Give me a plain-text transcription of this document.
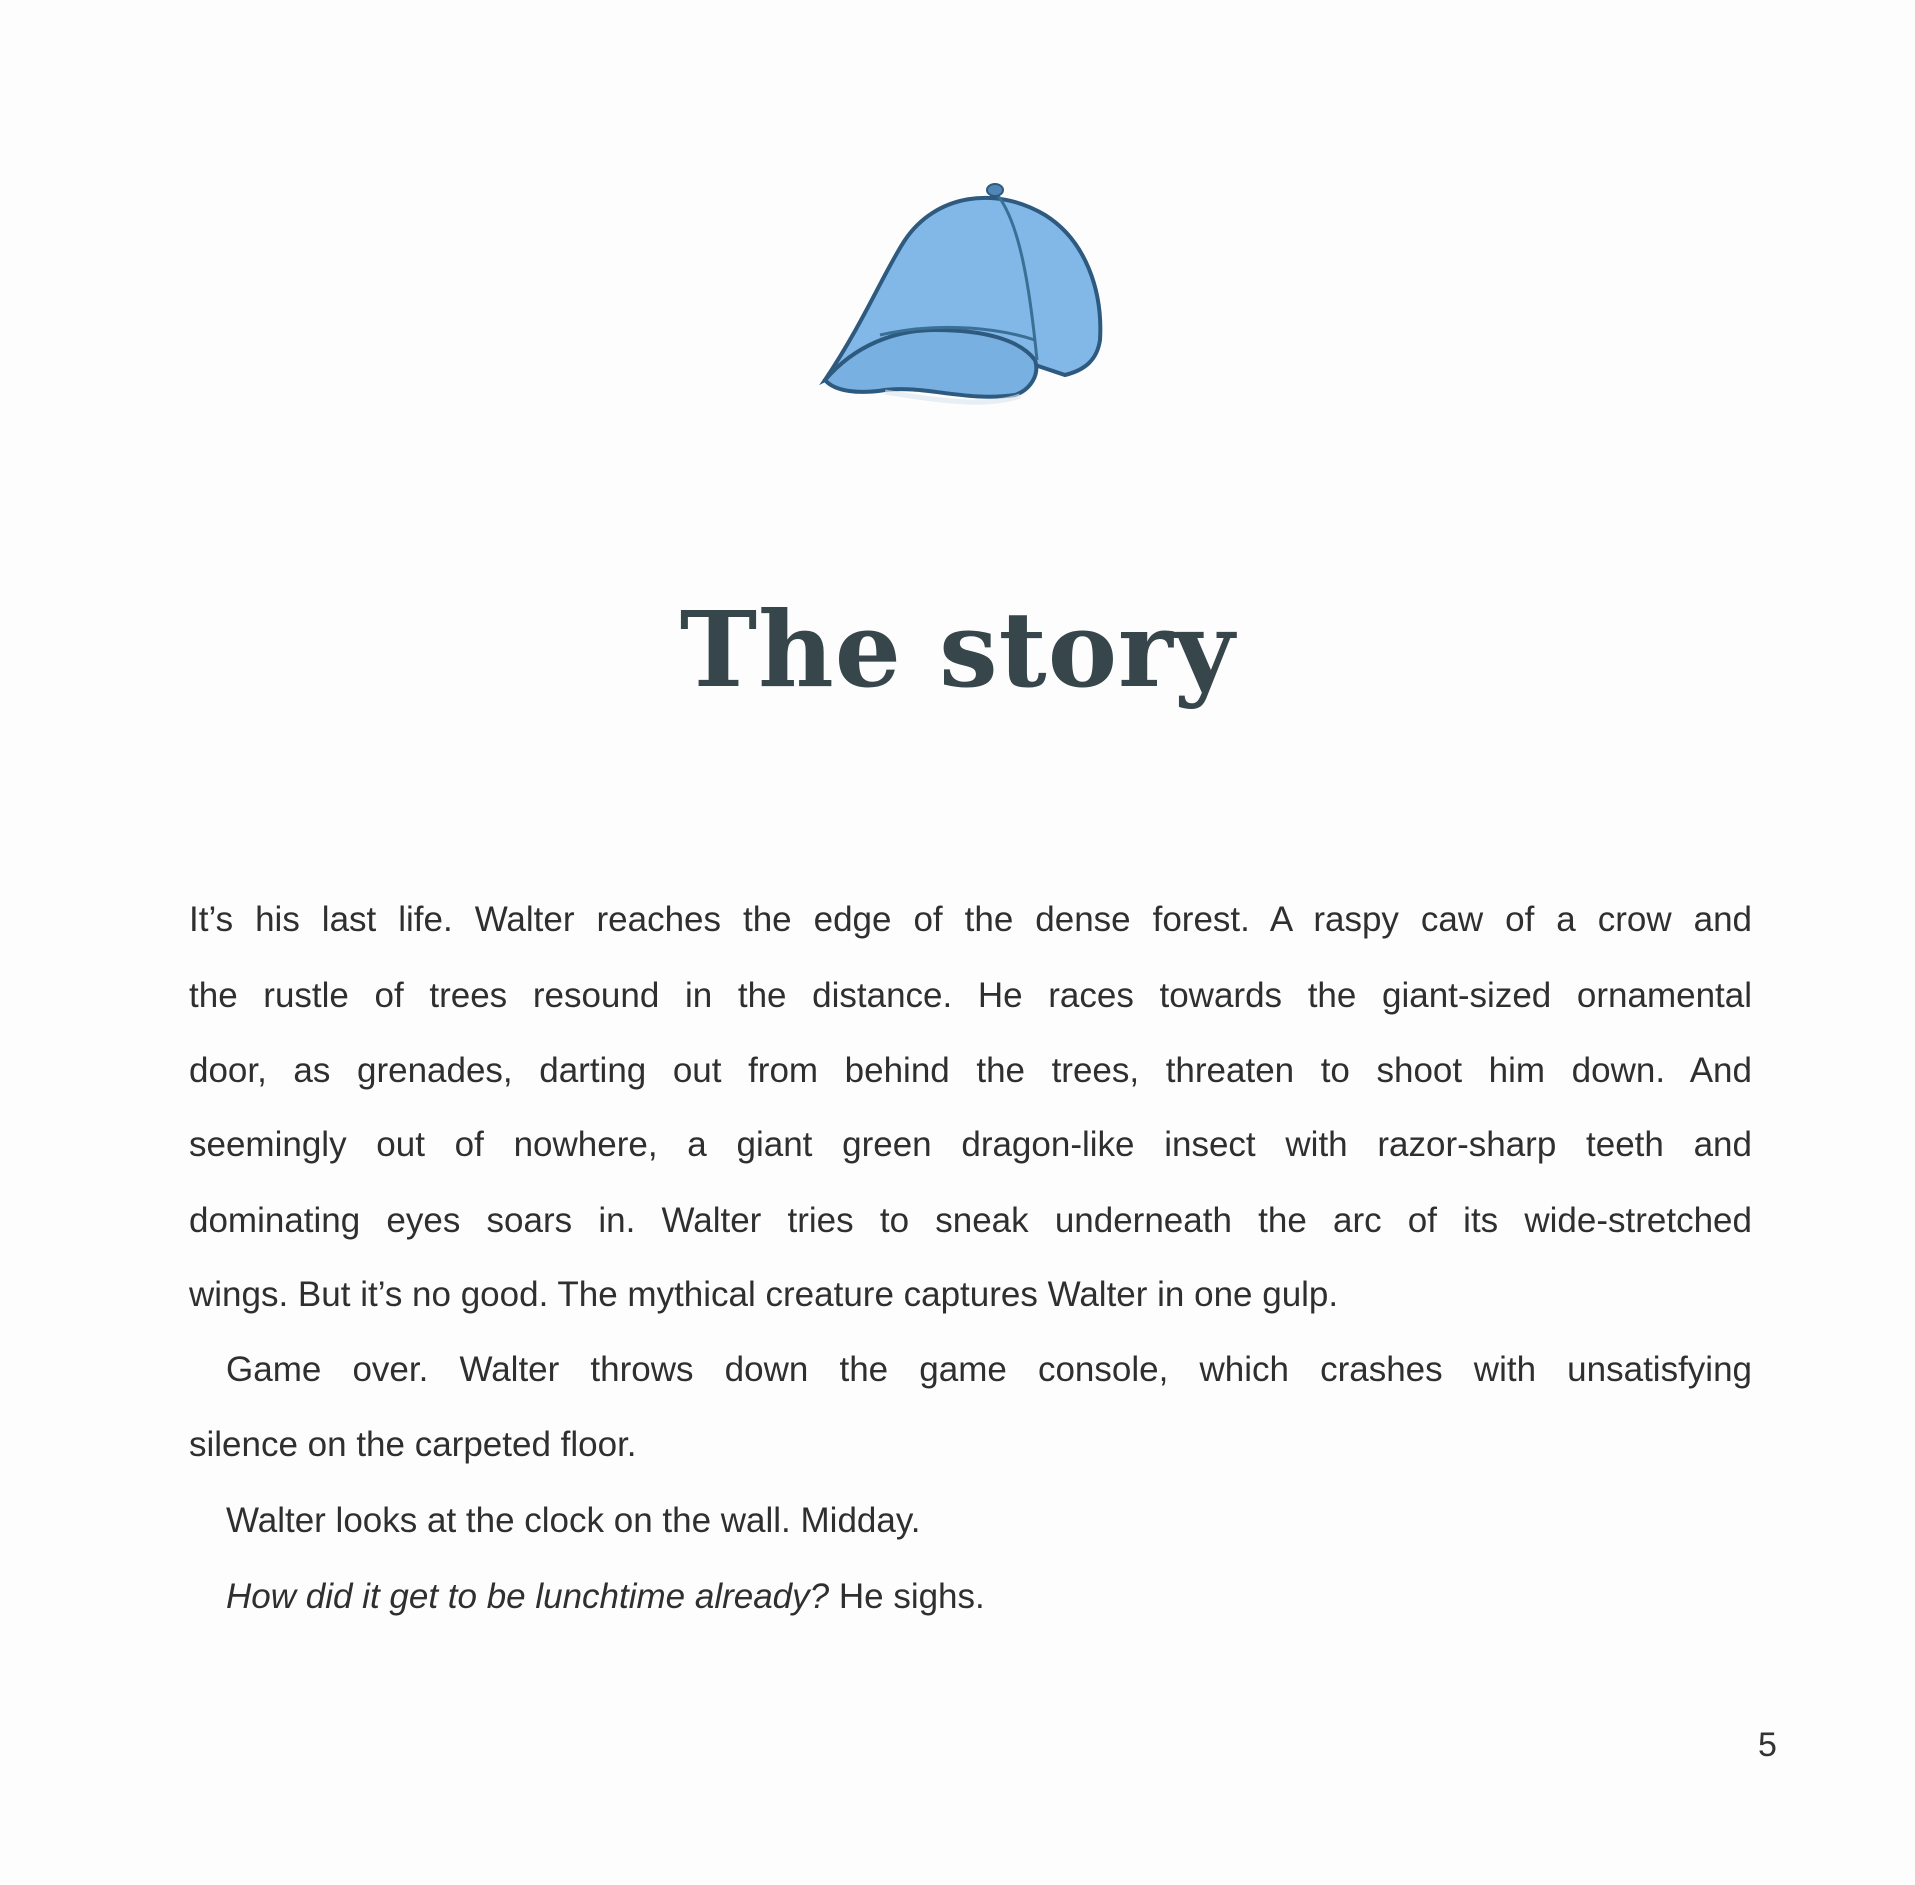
The story
It’s his last life. Walter reaches the edge of the dense forest. A raspy caw of a crow and
the rustle of trees resound in the distance. He races towards the giant-sized ornamental
door, as grenades, darting out from behind the trees, threaten to shoot him down. And
seemingly out of nowhere, a giant green dragon-like insect with razor-sharp teeth and
dominating eyes soars in. Walter tries to sneak underneath the arc of its wide-stretched
wings. But it’s no good. The mythical creature captures Walter in one gulp.
Game over. Walter throws down the game console, which crashes with unsatisfying
silence on the carpeted floor.
Walter looks at the clock on the wall. Midday.
How did it get to be lunchtime already? He sighs.
5
